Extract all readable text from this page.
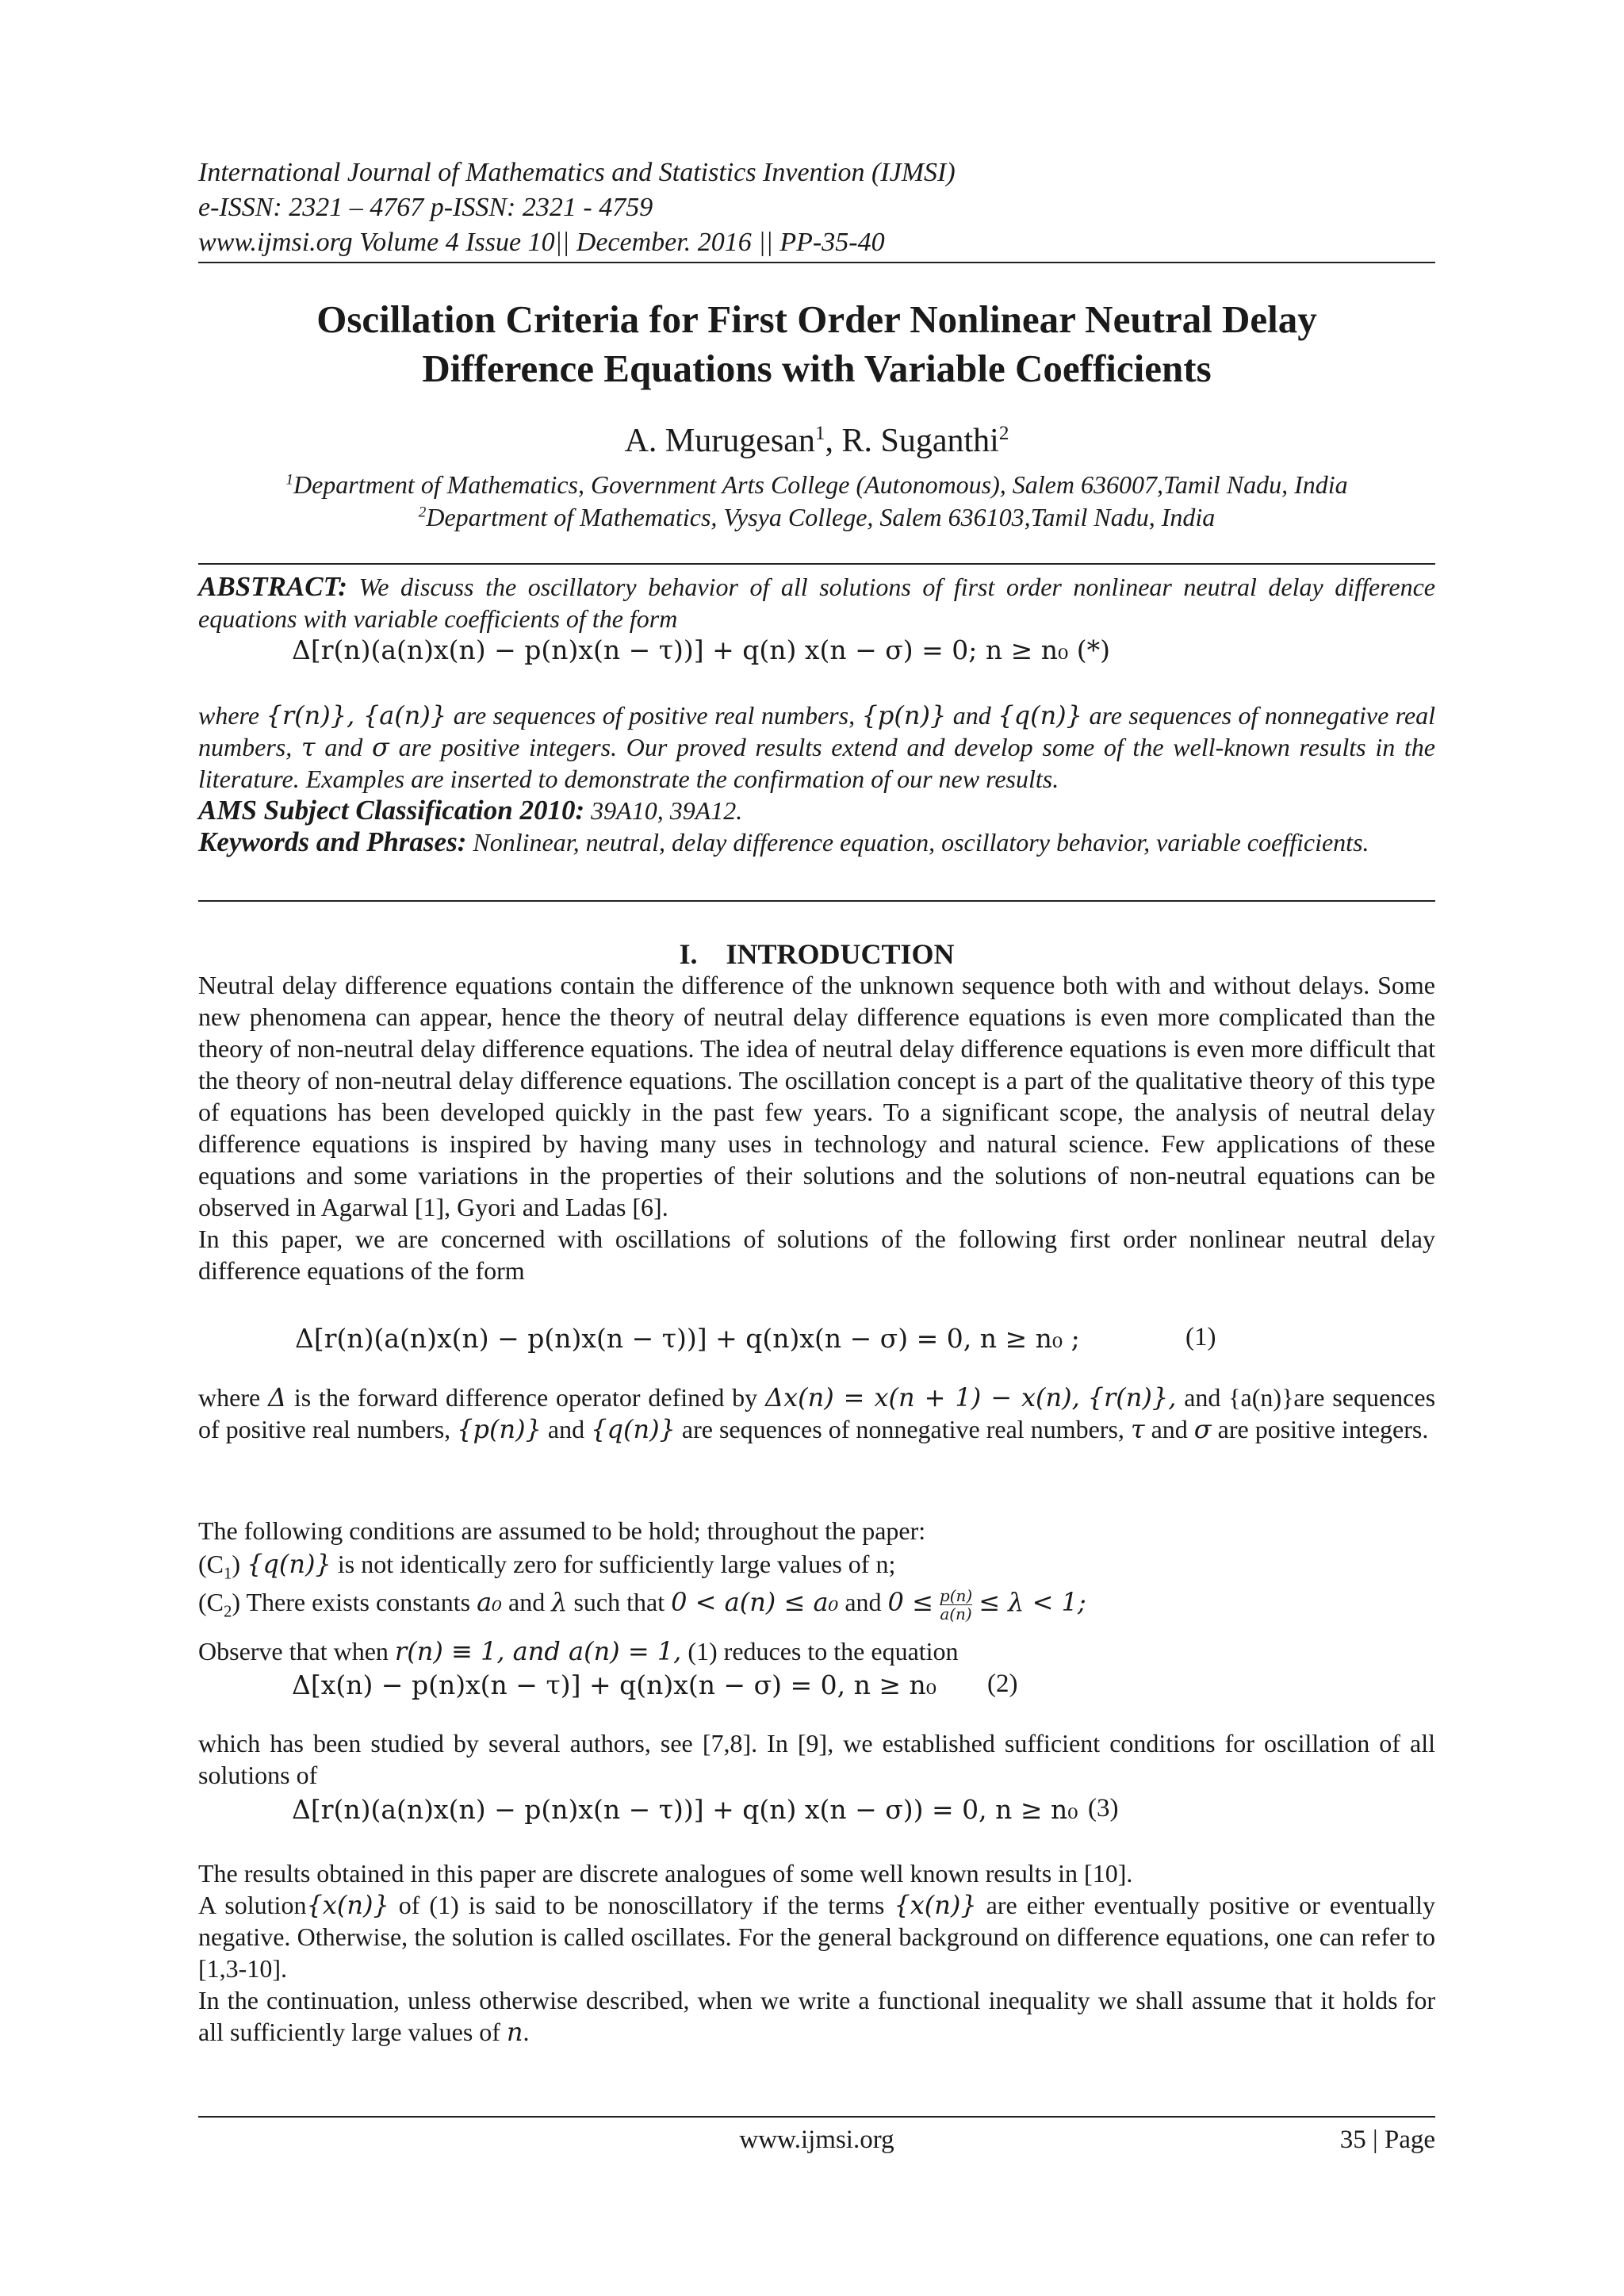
International Journal of Mathematics and Statistics Invention (IJMSI)
e-ISSN: 2321 – 4767 p-ISSN: 2321 - 4759
www.ijmsi.org Volume 4 Issue 10|| December. 2016 || PP-35-40
Oscillation Criteria for First Order Nonlinear Neutral Delay
Difference Equations with Variable Coefficients
A. Murugesan$^1$, R. Suganthi$^2$
$^1$Department of Mathematics, Government Arts College (Autonomous), Salem 636007,Tamil Nadu, India
$^2$Department of Mathematics, Vysya College, Salem 636103,Tamil Nadu, India
ABSTRACT: We discuss the oscillatory behavior of all solutions of first order nonlinear neutral delay difference equations with variable coefficients of the form
Δ[r(n)(a(n)x(n) − p(n)x(n − τ))] + q(n) x(n − σ) = 0; n ≥ n₀ (*)
where {r(n)}, {a(n)} are sequences of positive real numbers, {p(n)} and {q(n)} are sequences of nonnegative real numbers, τ and σ are positive integers. Our proved results extend and develop some of the well-known results in the literature. Examples are inserted to demonstrate the confirmation of our new results.
AMS Subject Classification 2010: 39A10, 39A12.
Keywords and Phrases: Nonlinear, neutral, delay difference equation, oscillatory behavior, variable coefficients.
I. INTRODUCTION
Neutral delay difference equations contain the difference of the unknown sequence both with and without delays. Some new phenomena can appear, hence the theory of neutral delay difference equations is even more complicated than the theory of non-neutral delay difference equations. The idea of neutral delay difference equations is even more difficult that the theory of non-neutral delay difference equations. The oscillation concept is a part of the qualitative theory of this type of equations has been developed quickly in the past few years. To a significant scope, the analysis of neutral delay difference equations is inspired by having many uses in technology and natural science. Few applications of these equations and some variations in the properties of their solutions and the solutions of non-neutral equations can be observed in Agarwal [1], Gyori and Ladas [6].
In this paper, we are concerned with oscillations of solutions of the following first order nonlinear neutral delay difference equations of the form
Δ[r(n)(a(n)x(n) − p(n)x(n − τ))] + q(n)x(n − σ) = 0, n ≥ n₀ ;	(1)
where Δ is the forward difference operator defined by Δx(n) = x(n + 1) − x(n), {r(n)}, and {a(n)}are sequences of positive real numbers, {p(n)} and {q(n)} are sequences of nonnegative real numbers, τ and σ are positive integers.
The following conditions are assumed to be hold; throughout the paper:
$(C_1)$ {q(n)} is not identically zero for sufficiently large values of n;
$(C_2)$ There exists constants a₀ and λ such that 0 < a(n) ≤ a₀ and $0 \le \frac{p(n)}{a(n)} \le \lambda < 1$;
Observe that when r(n) ≡ 1, and a(n) = 1, (1) reduces to the equation
Δ[x(n) − p(n)x(n − τ)] + q(n)x(n − σ) = 0, n ≥ n₀ (2)
which has been studied by several authors, see [7,8]. In [9], we established sufficient conditions for oscillation of all solutions of
Δ[r(n)(a(n)x(n) − p(n)x(n − τ))] + q(n) x(n − σ)) = 0, n ≥ n₀ (3)
The results obtained in this paper are discrete analogues of some well known results in [10].
A solution{x(n)} of (1) is said to be nonoscillatory if the terms {x(n)} are either eventually positive or eventually negative. Otherwise, the solution is called oscillates. For the general background on difference equations, one can refer to [1,3-10].
In the continuation, unless otherwise described, when we write a functional inequality we shall assume that it holds for all sufficiently large values of n.
www.ijmsi.org	35 | Page
